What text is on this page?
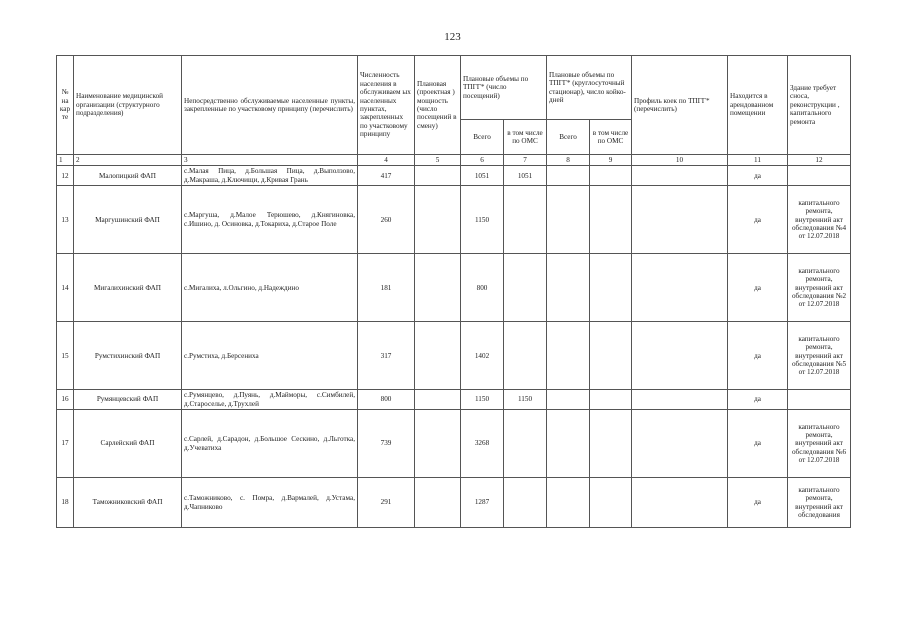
123
№ на кар те	Наименование медицинской организации (структурного подразделения)	Непосредственно обслуживаемые населенные пункты, закрепленные по участковому принципу (перечислить)	Численность населения в обслуживаем ых населенных пунктах, закрепленных по участковому принципу	Плановая (проектная ) мощность (число посещений в смену)	Плановые объемы по ТПГГ* (число посещений)		Плановые объемы по ТПГГ* (круглосуточный стационар), число койко-дней		Профиль коек по ТПГГ* (перечислить)	Находится в арендованном помещении	Здание требует сноса, реконструкции , капитального ремонта
					Всего	в том числе по ОМС	Всего	в том числе по ОМС			
1	2	3	4	5	6	7	8	9	10	11	12
12	Малопицкий ФАП	с.Малая Пица, д.Большая Пица, д.Выползово, д.Макраша, д.Ключищи, д.Кривая Грань	417		1051	1051				да	
13	Маргушинский ФАП	с.Маргуша, д.Малое Терюшево, д.Княгиновка, с.Ишино, д. Осиновка, д.Токариха, д.Старое Поле	260		1150					да	капитального ремонта, внутренний акт обследования №4 от 12.07.2018
14	Мигалихинский ФАП	с.Мигалиха, л.Ольгино, д.Надеждино	181		800					да	капитального ремонта, внутренний акт обследования №2 от 12.07.2018
15	Румстихинский ФАП	с.Румстиха, д.Берсениха	317		1402					да	капитального ремонта, внутренний акт обследования №5 от 12.07.2018
16	Румянцевский ФАП	с.Румянцево, д.Пуянь, д.Майморы, с.Симбилей, д.Староселье, д.Трухлей	800		1150	1150				да	
17	Сарлейский ФАП	с.Сарлей, д.Сарадон, д.Большое Сескино, д.Льготка, д.Учеватиха	739		3268					да	капитального ремонта, внутренний акт обследования №6 от 12.07.2018
18	Таможниковский ФАП	с.Таможниково, с. Помра, д.Вармалей, д.Устама, д.Чапниково	291		1287					да	капитального ремонта, внутренний акт обследования
